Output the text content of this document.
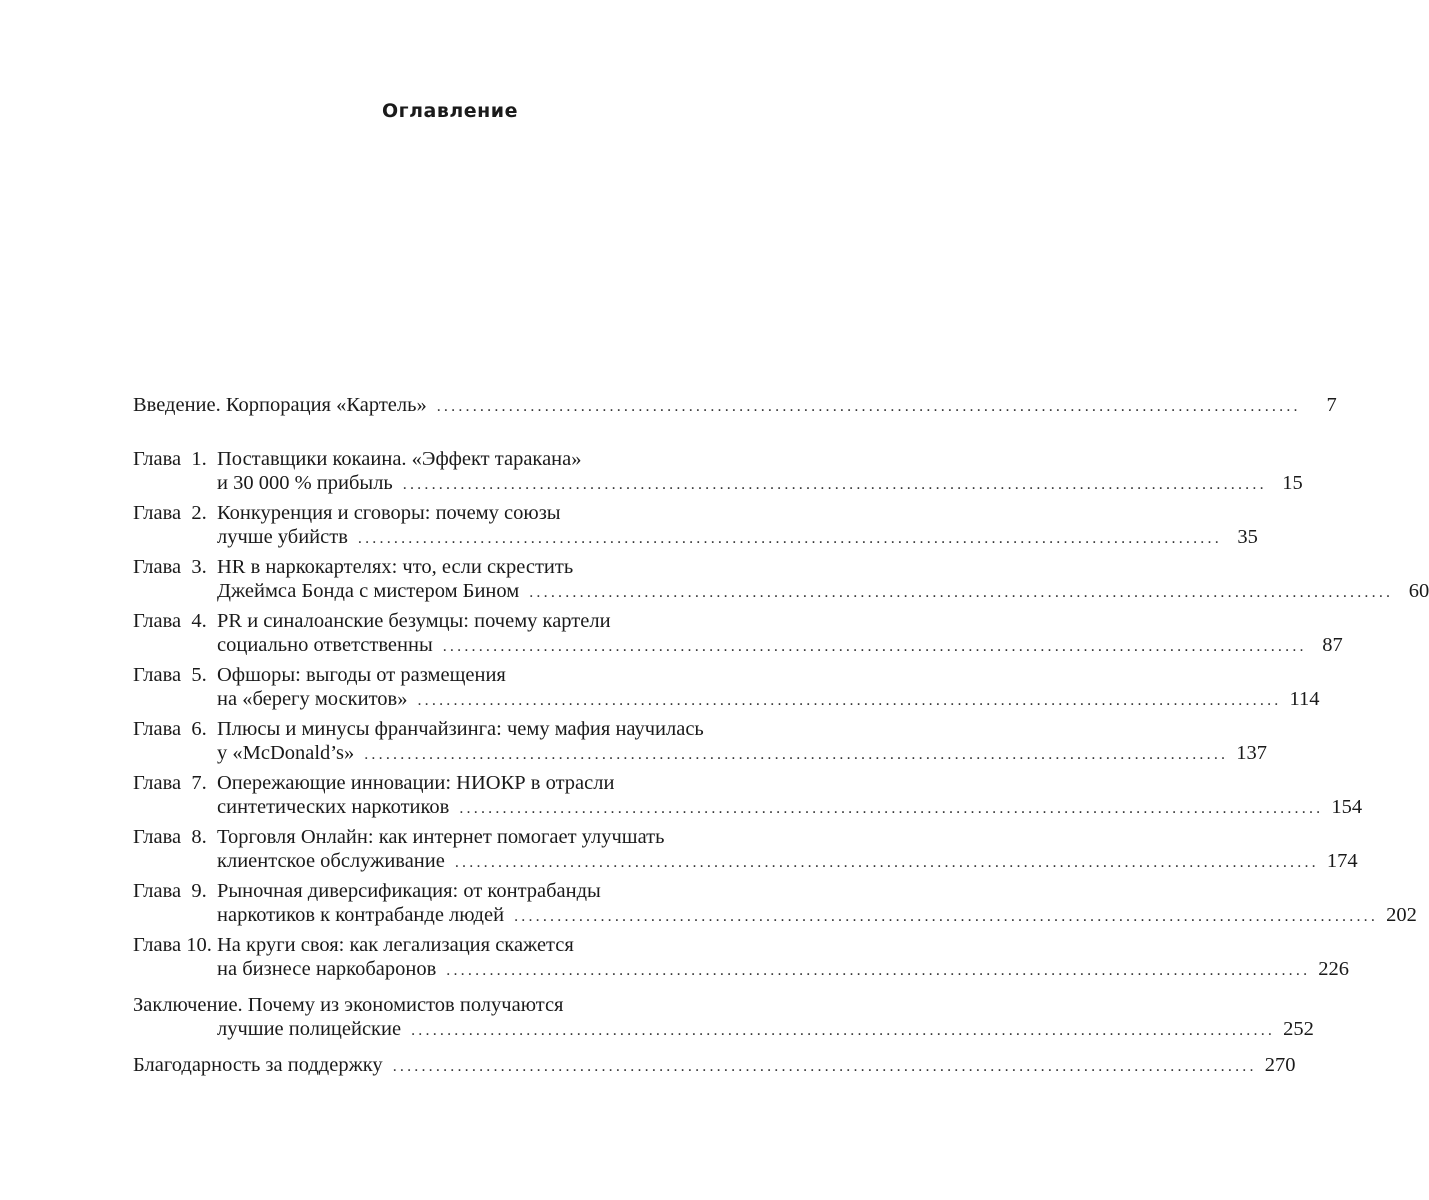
Оглавление
Введение. Корпорация «Картель» ........................................................................................................................	7
Глава  1. Поставщики кокаина. «Эффект таракана»
и 30 000 % прибыль ........................................................................................................................ 15
Глава  2. Конкуренция и сговоры: почему союзы
лучше убийств ........................................................................................................................ 35
Глава  3. HR в наркокартелях: что, если скрестить
Джеймса Бонда с мистером Бином ........................................................................................................................ 60
Глава  4. PR и синалоанские безумцы: почему картели
социально ответственны ........................................................................................................................ 87
Глава  5. Офшоры: выгоды от размещения
на «берегу москитов» ........................................................................................................................ 114
Глава  6. Плюсы и минусы франчайзинга: чему мафия научилась
у «McDonald’s» ........................................................................................................................ 137
Глава  7. Опережающие инновации: НИОКР в отрасли
синтетических наркотиков ........................................................................................................................ 154
Глава  8. Торговля Онлайн: как интернет помогает улучшать
клиентское обслуживание ........................................................................................................................ 174
Глава  9. Рыночная диверсификация: от контрабанды
наркотиков к контрабанде людей ........................................................................................................................ 202
Глава 10. На круги своя: как легализация скажется
на бизнесе наркобаронов ........................................................................................................................ 226
Заключение. Почему из экономистов получаются
лучшие полицейские ........................................................................................................................ 252
Благодарность за поддержку ........................................................................................................................ 270
